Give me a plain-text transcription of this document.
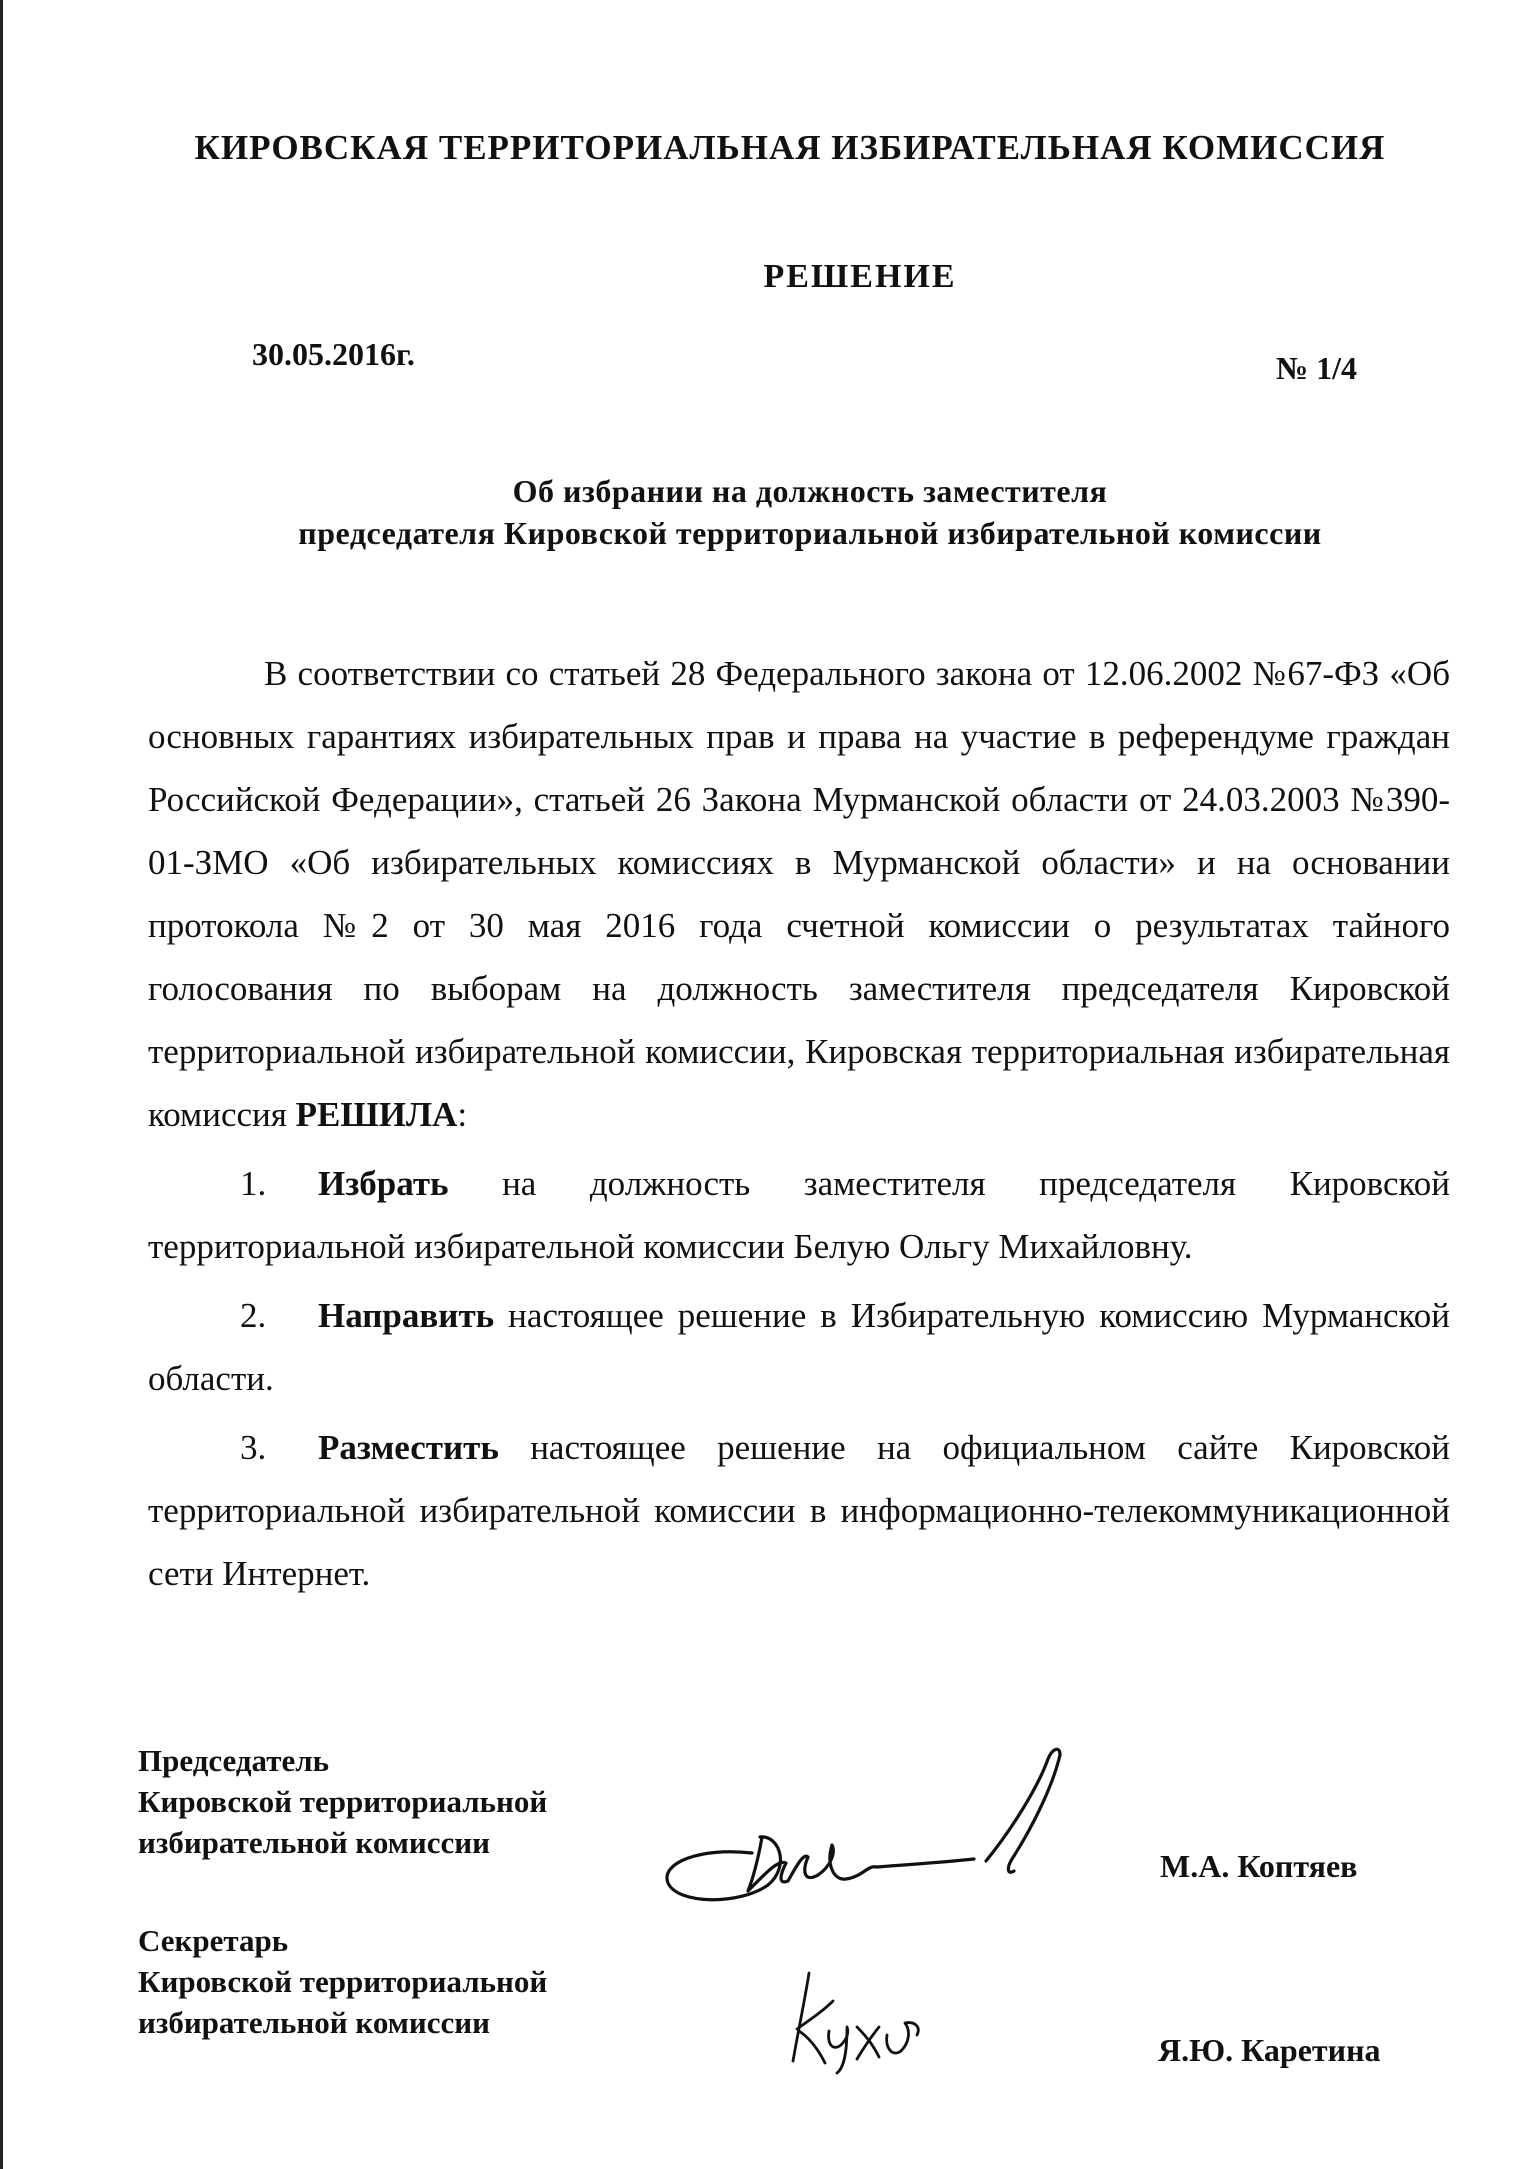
КИРОВСКАЯ ТЕРРИТОРИАЛЬНАЯ ИЗБИРАТЕЛЬНАЯ КОМИССИЯ
РЕШЕНИЕ
30.05.2016г.	№ 1/4
Об избрании на должность заместителя
председателя Кировской территориальной избирательной комиссии

В соответствии со статьей 28 Федерального закона от 12.06.2002 №67-ФЗ «Об основных гарантиях избирательных прав и права на участие в референдуме граждан Российской Федерации», статьей 26 Закона Мурманской области от 24.03.2003 №390-01-ЗМО «Об избирательных комиссиях в Мурманской области» и на основании протокола №2 от 30 мая 2016 года счетной комиссии о результатах тайного голосования по выборам на должность заместителя председателя Кировской территориальной избирательной комиссии, Кировская территориальная избирательная комиссия РЕШИЛА:

1. Избрать на должность заместителя председателя Кировской территориальной избирательной комиссии Белую Ольгу Михайловну.

2. Направить настоящее решение в Избирательную комиссию Мурманской области.

3. Разместить настоящее решение на официальном сайте Кировской территориальной избирательной комиссии в информационно-телекоммуникационной сети Интернет.

Председатель
Кировской территориальной
избирательной комиссии
М.А. Коптяев
Секретарь
Кировской территориальной
избирательной комиссии
Я.Ю. Каретина
